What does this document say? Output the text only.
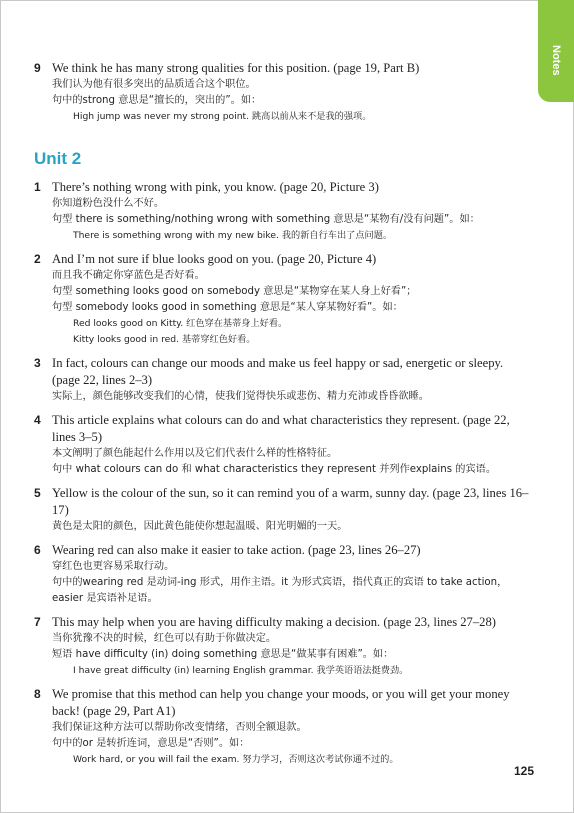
Notes
9 We think he has many strong qualities for this position. (page 19, Part B)
我们认为他有很多突出的品质适合这个职位。
句中的strong 意思是“擅长的，突出的”。如：
High jump was never my strong point. 跳高以前从来不是我的强项。
Unit 2
1 There’s nothing wrong with pink, you know. (page 20, Picture 3)
你知道粉色没什么不好。
句型 there is something/nothing wrong with something 意思是“某物有/没有问题”。如：
There is something wrong with my new bike. 我的新自行车出了点问题。
2 And I’m not sure if blue looks good on you. (page 20, Picture 4)
而且我不确定你穿蓝色是否好看。
句型 something looks good on somebody 意思是“某物穿在某人身上好看”；
句型 somebody looks good in something 意思是“某人穿某物好看”。如：
Red looks good on Kitty. 红色穿在基蒂身上好看。
Kitty looks good in red. 基蒂穿红色好看。
3 In fact, colours can change our moods and make us feel happy or sad, energetic or sleepy. (page 22, lines 2–3)
实际上，颜色能够改变我们的心情，使我们觉得快乐或悲伤、精力充沛或昏昏欲睡。
4 This article explains what colours can do and what characteristics they represent. (page 22, lines 3–5)
本文阐明了颜色能起什么作用以及它们代表什么样的性格特征。
句中 what colours can do 和 what characteristics they represent 并列作explains 的宾语。
5 Yellow is the colour of the sun, so it can remind you of a warm, sunny day. (page 23, lines 16–17)
黄色是太阳的颜色，因此黄色能使你想起温暖、阳光明媚的一天。
6 Wearing red can also make it easier to take action. (page 23, lines 26–27)
穿红色也更容易采取行动。
句中的wearing red 是动词-ing 形式，用作主语。it 为形式宾语，指代真正的宾语 to take action，easier 是宾语补足语。
7 This may help when you are having difficulty making a decision. (page 23, lines 27–28)
当你犹豫不决的时候，红色可以有助于你做决定。
短语 have difficulty (in) doing something 意思是“做某事有困难”。如：
I have great difficulty (in) learning English grammar. 我学英语语法挺费劲。
8 We promise that this method can help you change your moods, or you will get your money back! (page 29, Part A1)
我们保证这种方法可以帮助你改变情绪，否则全额退款。
句中的or 是转折连词，意思是“否则”。如：
Work hard, or you will fail the exam. 努力学习，否则这次考试你通不过的。
125
